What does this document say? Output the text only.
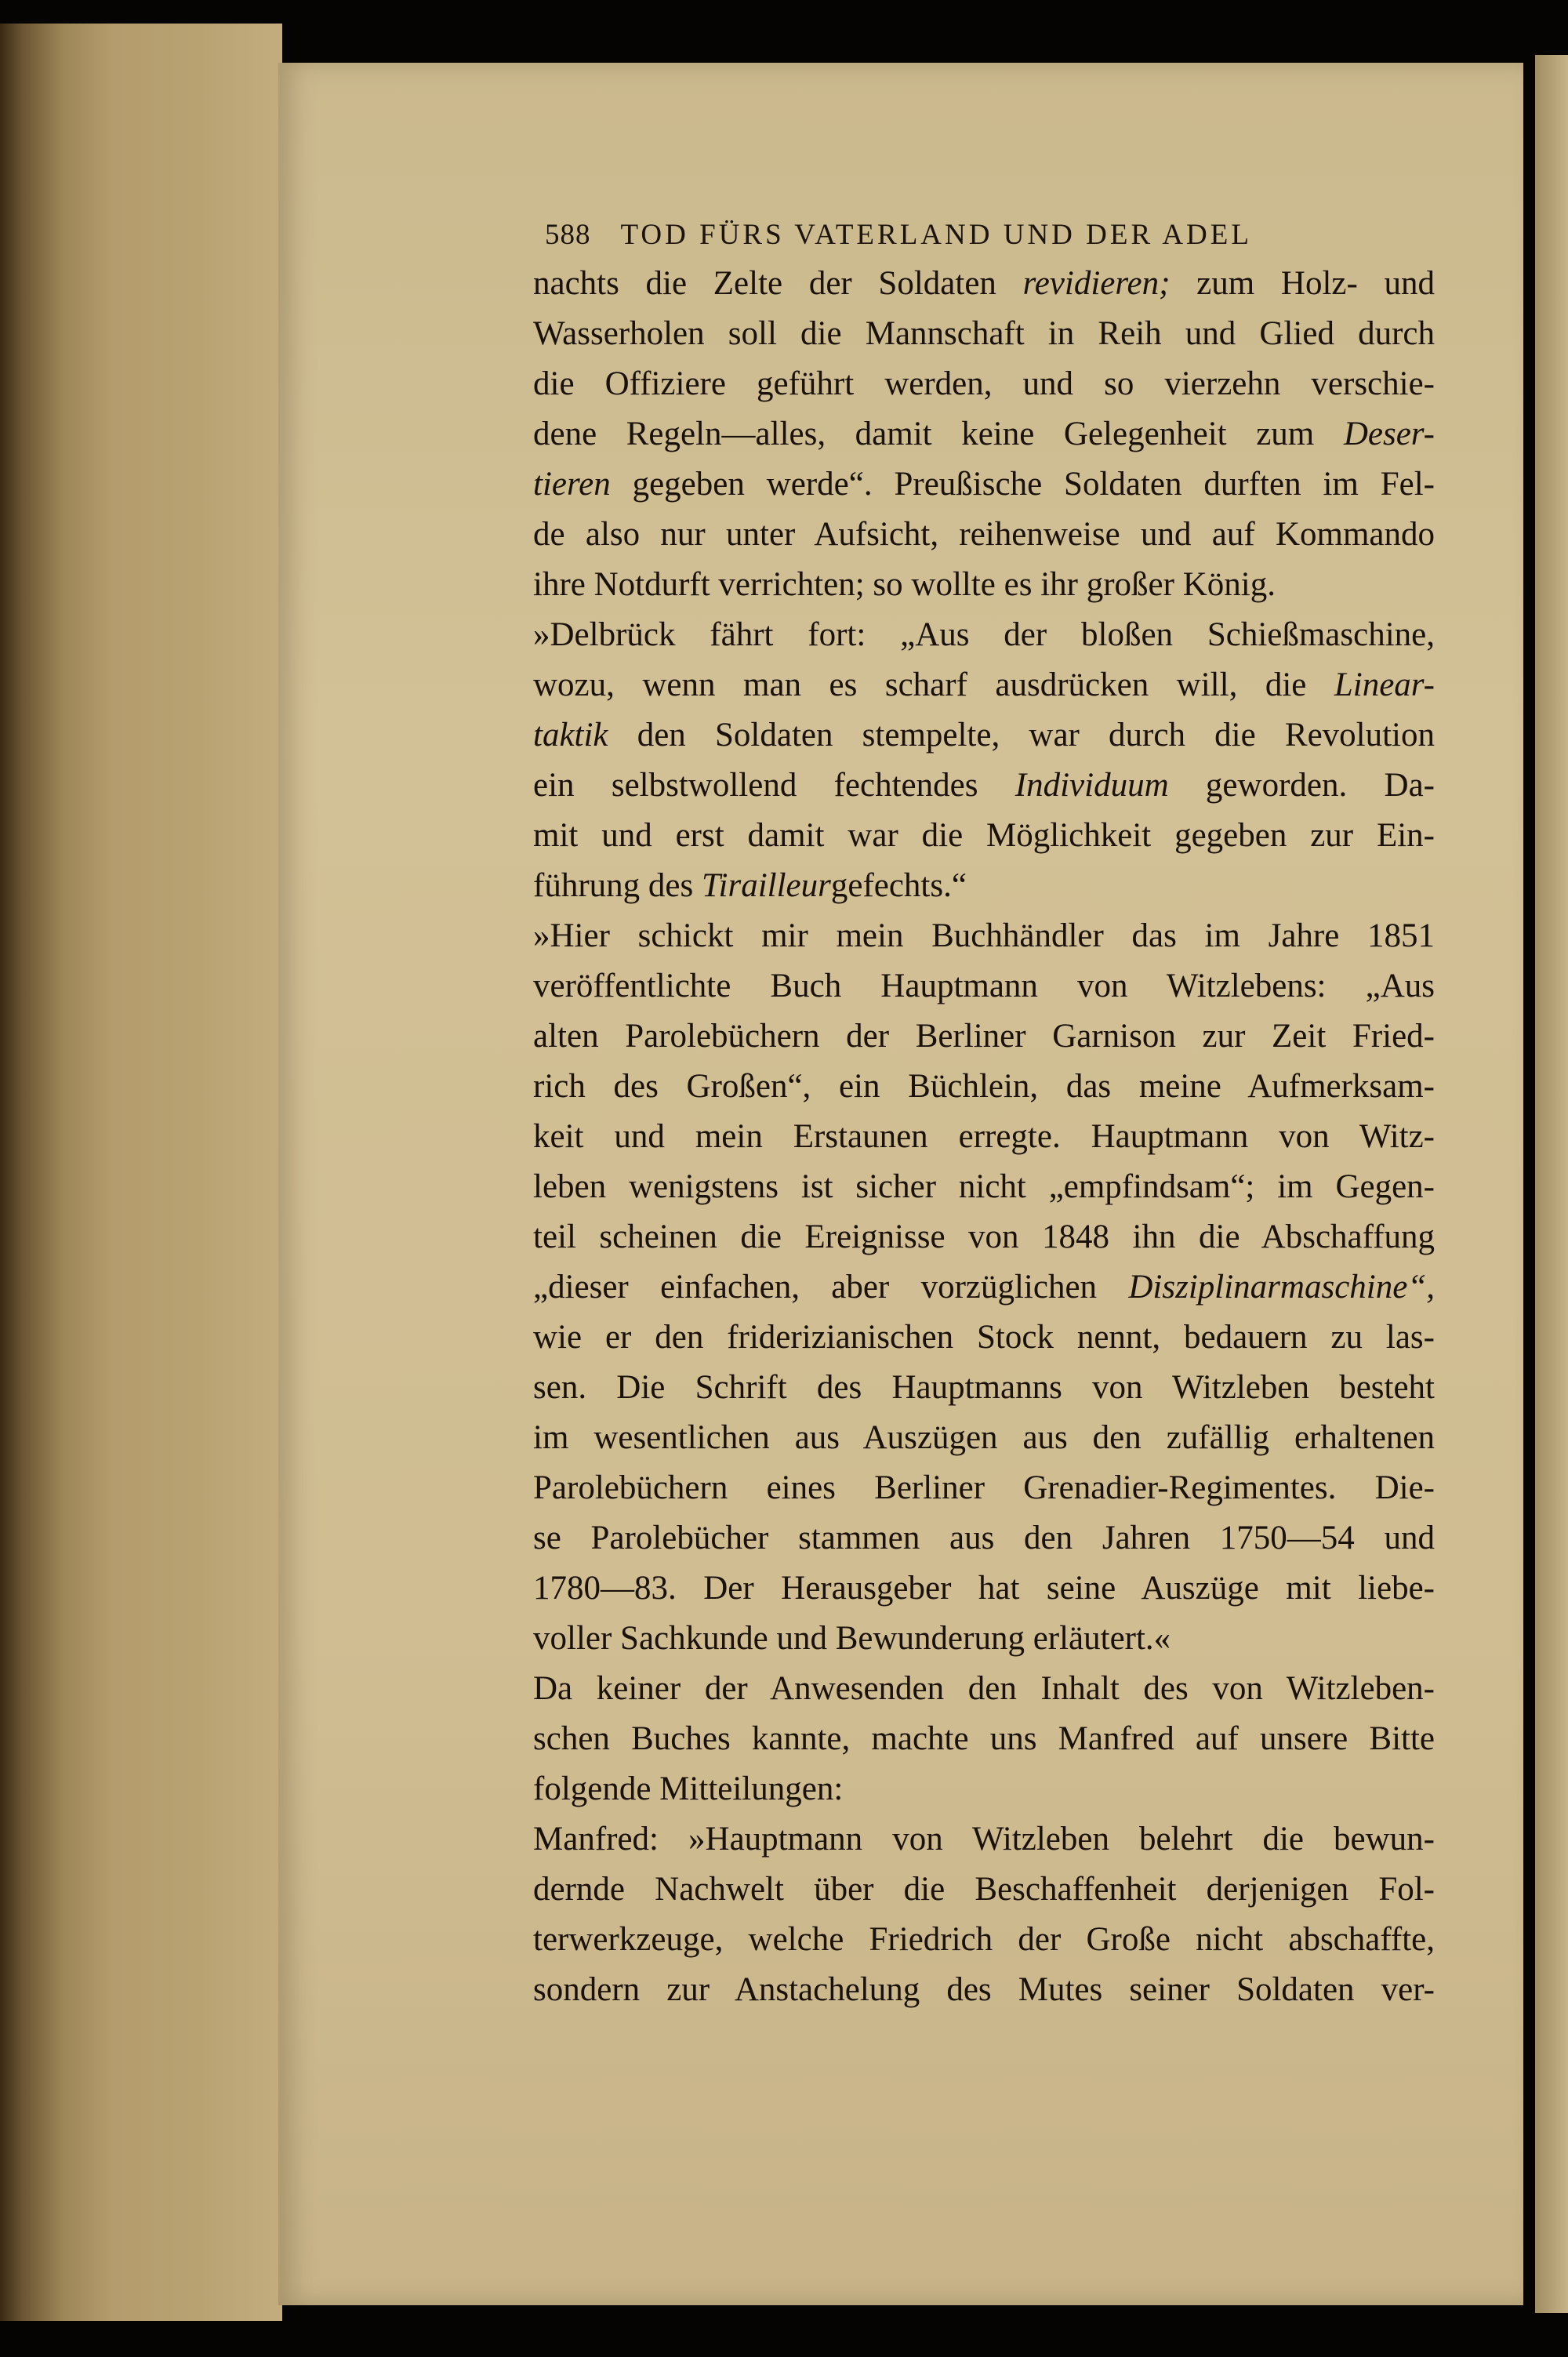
588 TOD FÜRS VATERLAND UND DER ADEL
nachts die Zelte der Soldaten revidieren; zum Holz- und
Wasserholen soll die Mannschaft in Reih und Glied durch
die Offiziere geführt werden, und so vierzehn verschie-
dene Regeln—alles, damit keine Gelegenheit zum Deser-
tieren gegeben werde“. Preußische Soldaten durften im Fel-
de also nur unter Aufsicht, reihenweise und auf Kommando
ihre Notdurft verrichten; so wollte es ihr großer König.
»Delbrück fährt fort: „Aus der bloßen Schießmaschine,
wozu, wenn man es scharf ausdrücken will, die Linear-
taktik den Soldaten stempelte, war durch die Revolution
ein selbstwollend fechtendes Individuum geworden. Da-
mit und erst damit war die Möglichkeit gegeben zur Ein-
führung des Tirailleurgefechts.“
»Hier schickt mir mein Buchhändler das im Jahre 1851
veröffentlichte Buch Hauptmann von Witzlebens: „Aus
alten Parolebüchern der Berliner Garnison zur Zeit Fried-
rich des Großen“, ein Büchlein, das meine Aufmerksam-
keit und mein Erstaunen erregte. Hauptmann von Witz-
leben wenigstens ist sicher nicht „empfindsam“; im Gegen-
teil scheinen die Ereignisse von 1848 ihn die Abschaffung
„dieser einfachen, aber vorzüglichen Disziplinarmaschine“,
wie er den friderizianischen Stock nennt, bedauern zu las-
sen. Die Schrift des Hauptmanns von Witzleben besteht
im wesentlichen aus Auszügen aus den zufällig erhaltenen
Parolebüchern eines Berliner Grenadier-Regimentes. Die-
se Parolebücher stammen aus den Jahren 1750—54 und
1780—83. Der Herausgeber hat seine Auszüge mit liebe-
voller Sachkunde und Bewunderung erläutert.«
Da keiner der Anwesenden den Inhalt des von Witzleben-
schen Buches kannte, machte uns Manfred auf unsere Bitte
folgende Mitteilungen:
Manfred: »Hauptmann von Witzleben belehrt die bewun-
dernde Nachwelt über die Beschaffenheit derjenigen Fol-
terwerkzeuge, welche Friedrich der Große nicht abschaffte,
sondern zur Anstachelung des Mutes seiner Soldaten ver-
